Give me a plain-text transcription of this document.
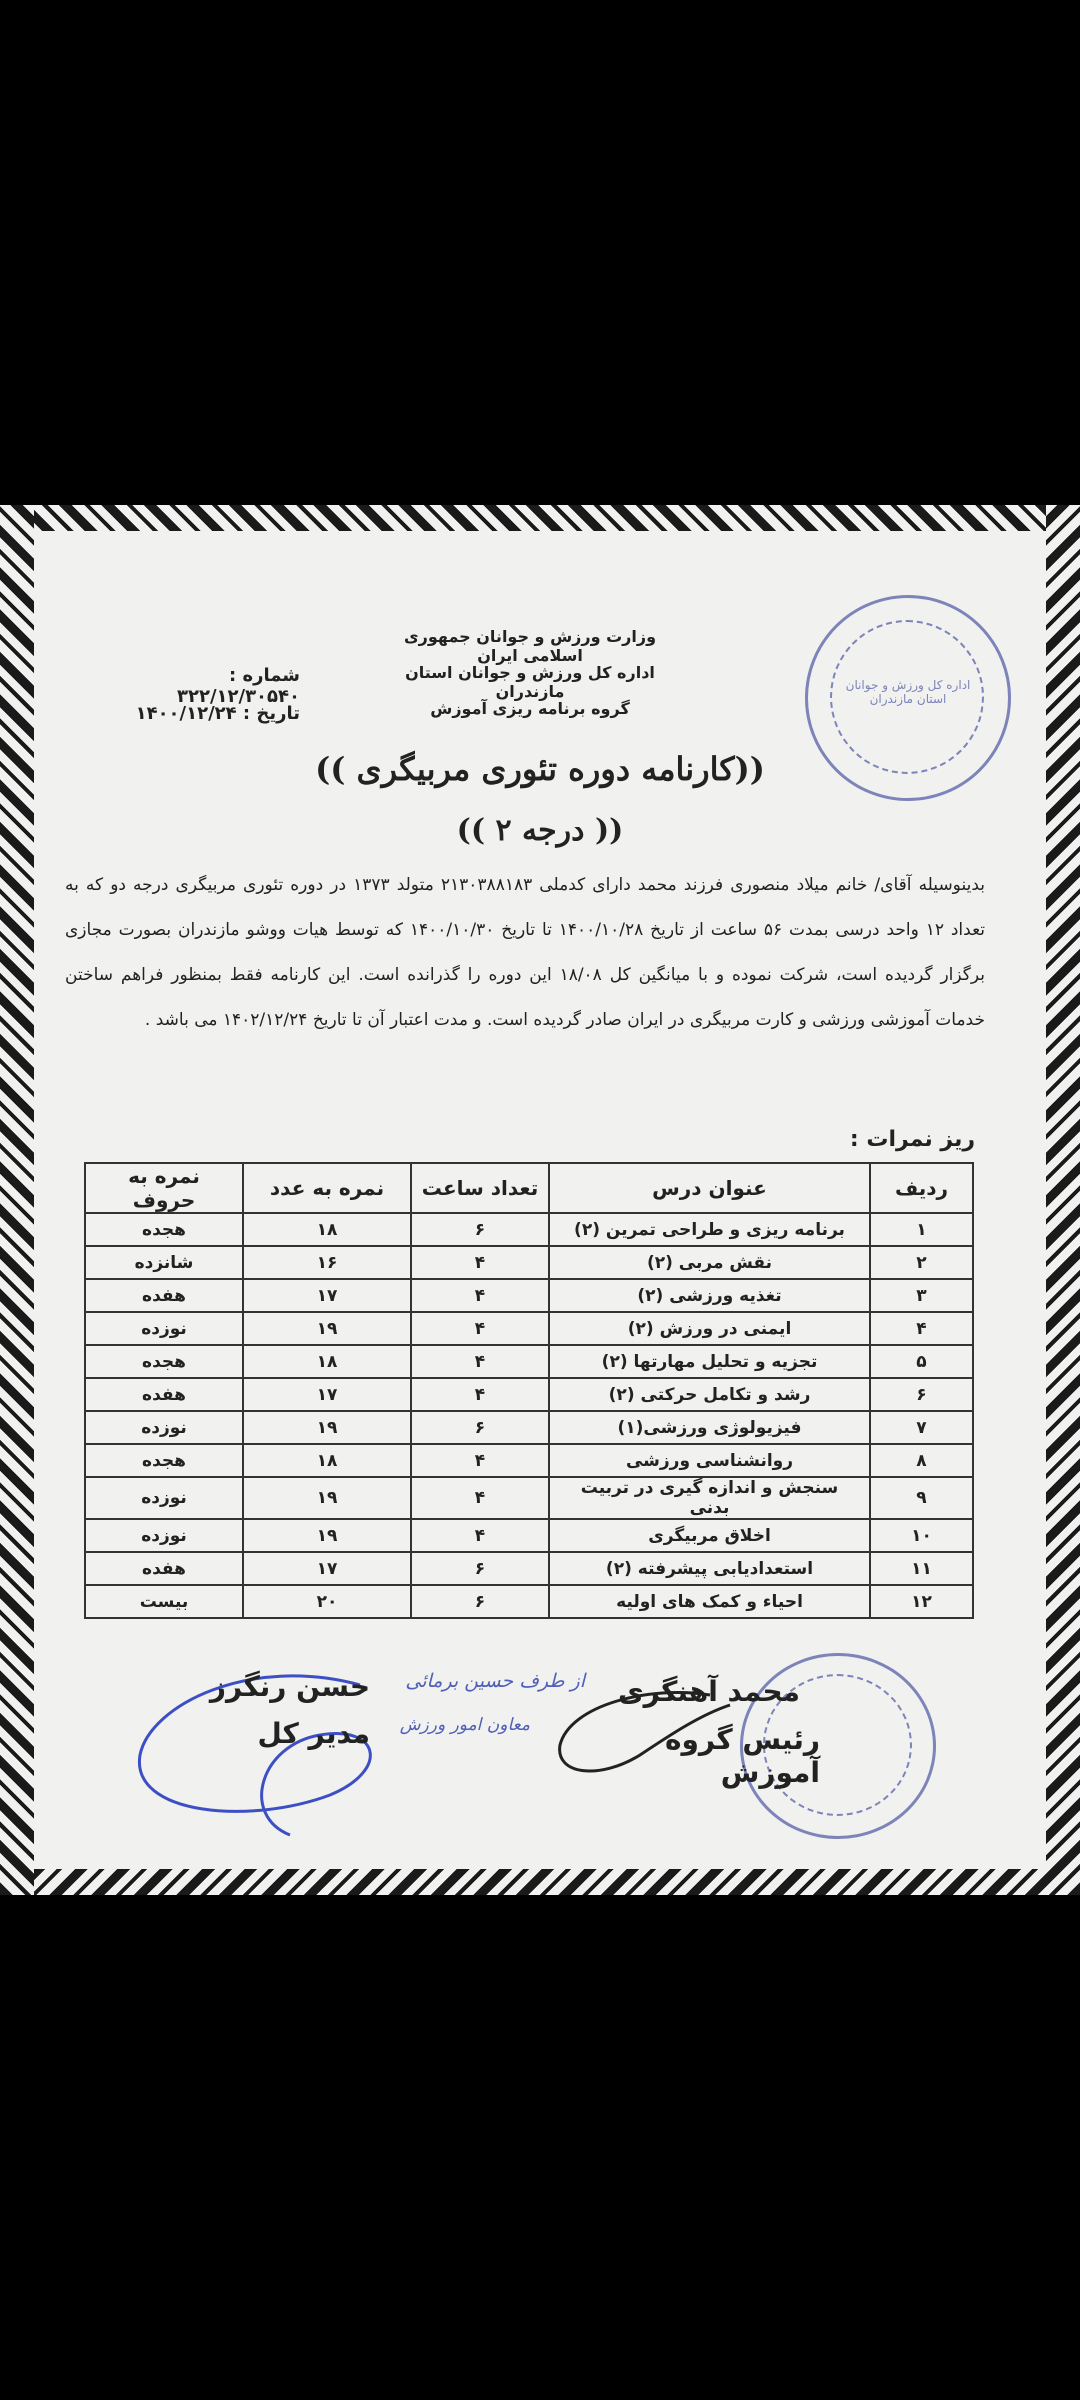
وزارت ورزش و جوانان جمهوری اسلامی ایران
اداره کل ورزش و جوانان استان مازندران
گروه برنامه ریزی آموزش
شماره : ۳۲۲/۱۲/۳۰۵۴۰
تاریخ : ۱۴۰۰/۱۲/۲۴
اداره کل ورزش و جوانان استان مازندران
((کارنامه دوره تئوری مربیگری ))
(( درجه ۲ ))
بدینوسیله آقای/ خانم میلاد منصوری فرزند محمد دارای کدملی ۲۱۳۰۳۸۸۱۸۳ متولد ۱۳۷۳ در دوره تئوری مربیگری درجه دو که به تعداد ۱۲ واحد درسی بمدت ۵۶ ساعت از تاریخ ۱۴۰۰/۱۰/۲۸ تا تاریخ ۱۴۰۰/۱۰/۳۰ که توسط هیات ووشو مازندران بصورت مجازی برگزار گردیده است، شرکت نموده و با میانگین کل ۱۸/۰۸ این دوره را گذرانده است. این کارنامه فقط بمنظور فراهم ساختن خدمات آموزشی ورزشی و کارت مربیگری در ایران صادر گردیده است. و مدت اعتبار آن تا تاریخ ۱۴۰۲/۱۲/۲۴ می باشد .
ریز نمرات :
ردیف	عنوان درس	تعداد ساعت	نمره به عدد	نمره به حروف
۱	برنامه ریزی و طراحی تمرین (۲)	۶	۱۸	هجده
۲	نقش مربی (۲)	۴	۱۶	شانزده
۳	تغذیه ورزشی (۲)	۴	۱۷	هفده
۴	ایمنی در ورزش (۲)	۴	۱۹	نوزده
۵	تجزیه و تحلیل مهارتها (۲)	۴	۱۸	هجده
۶	رشد و تکامل حرکتی (۲)	۴	۱۷	هفده
۷	فیزیولوژی ورزشی(۱)	۶	۱۹	نوزده
۸	روانشناسی ورزشی	۴	۱۸	هجده
۹	سنجش و اندازه گیری در تربیت بدنی	۴	۱۹	نوزده
۱۰	اخلاق مربیگری	۴	۱۹	نوزده
۱۱	استعدادیابی پیشرفته (۲)	۶	۱۷	هفده
۱۲	احیاء و کمک های اولیه	۶	۲۰	بیست
حسن رنگرز
مدیر کل
از طرف حسین برمائی
معاون امور ورزش
محمد آهنگری
رئیس گروه آموزش
